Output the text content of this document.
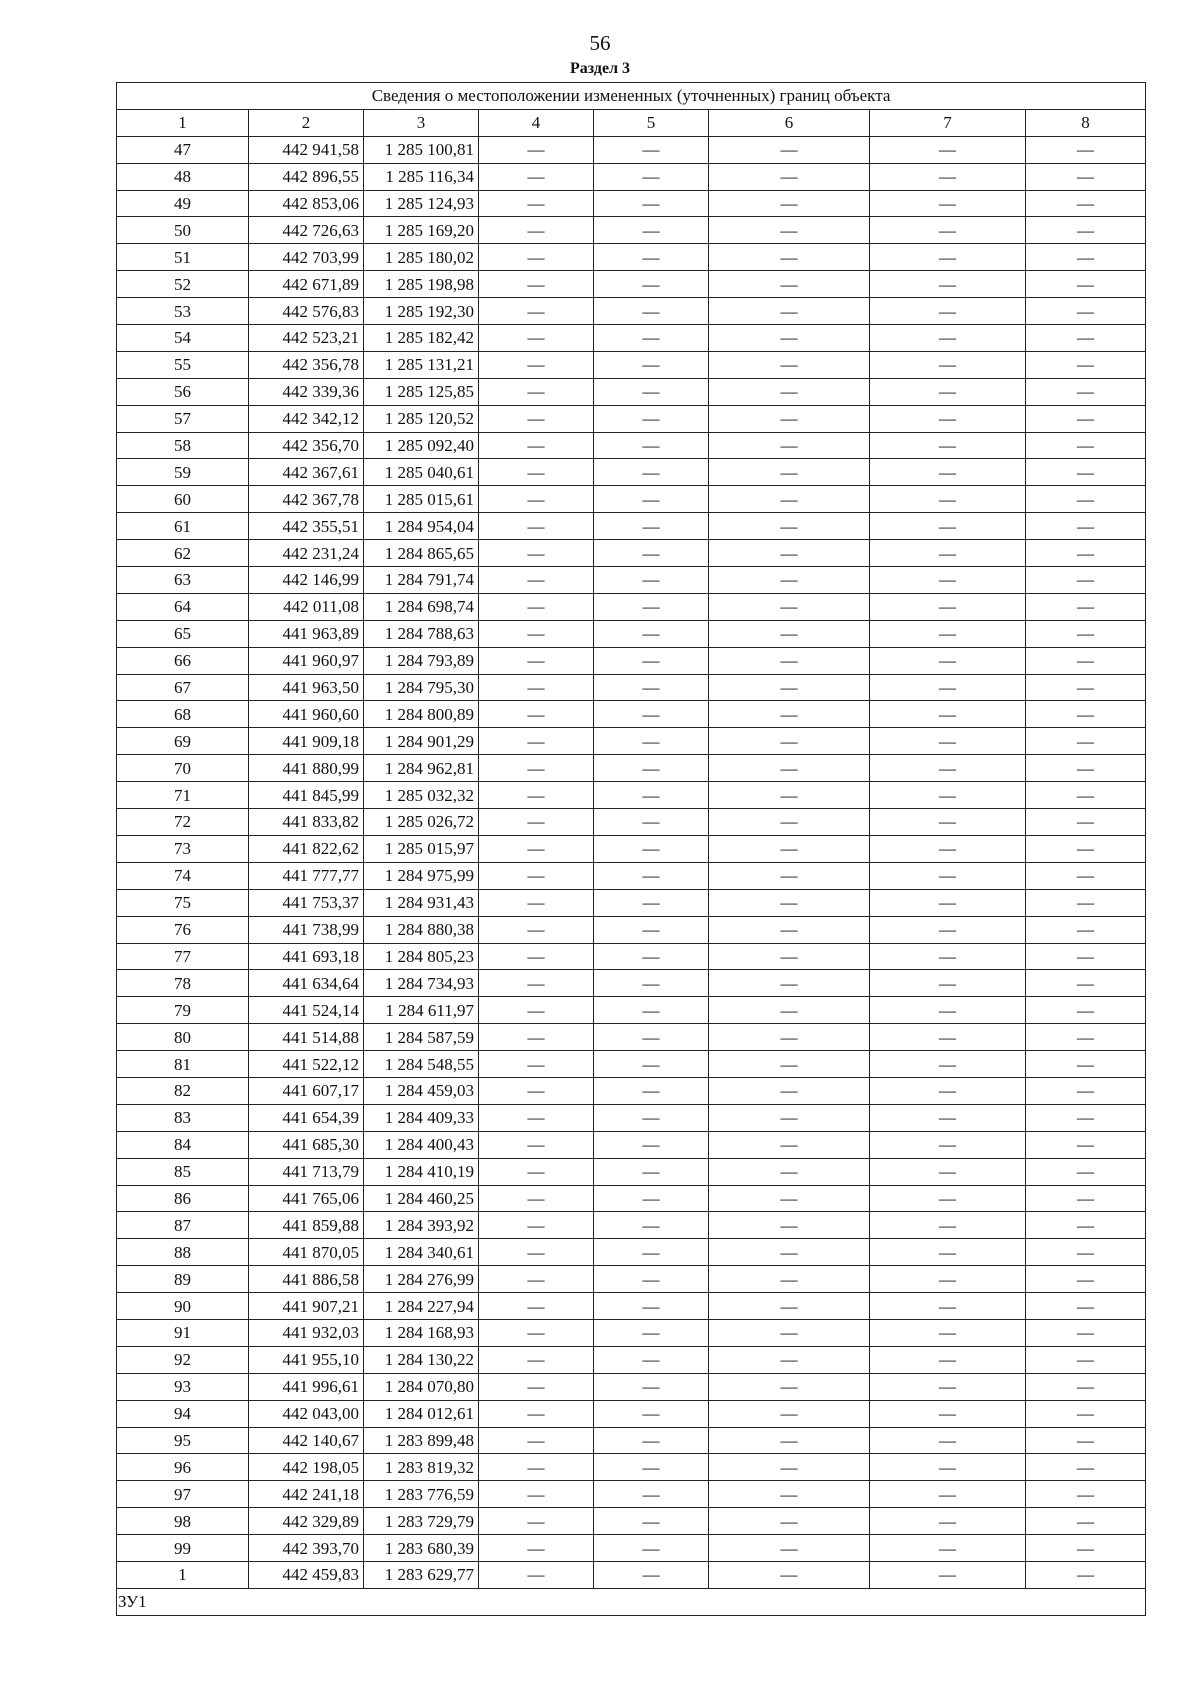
56
Раздел 3
Сведения о местоположении измененных (уточненных) границ объекта							
1	2	3	4	5	6	7	8
47	442 941,58	1 285 100,81	—	—	—	—	—
48	442 896,55	1 285 116,34	—	—	—	—	—
49	442 853,06	1 285 124,93	—	—	—	—	—
50	442 726,63	1 285 169,20	—	—	—	—	—
51	442 703,99	1 285 180,02	—	—	—	—	—
52	442 671,89	1 285 198,98	—	—	—	—	—
53	442 576,83	1 285 192,30	—	—	—	—	—
54	442 523,21	1 285 182,42	—	—	—	—	—
55	442 356,78	1 285 131,21	—	—	—	—	—
56	442 339,36	1 285 125,85	—	—	—	—	—
57	442 342,12	1 285 120,52	—	—	—	—	—
58	442 356,70	1 285 092,40	—	—	—	—	—
59	442 367,61	1 285 040,61	—	—	—	—	—
60	442 367,78	1 285 015,61	—	—	—	—	—
61	442 355,51	1 284 954,04	—	—	—	—	—
62	442 231,24	1 284 865,65	—	—	—	—	—
63	442 146,99	1 284 791,74	—	—	—	—	—
64	442 011,08	1 284 698,74	—	—	—	—	—
65	441 963,89	1 284 788,63	—	—	—	—	—
66	441 960,97	1 284 793,89	—	—	—	—	—
67	441 963,50	1 284 795,30	—	—	—	—	—
68	441 960,60	1 284 800,89	—	—	—	—	—
69	441 909,18	1 284 901,29	—	—	—	—	—
70	441 880,99	1 284 962,81	—	—	—	—	—
71	441 845,99	1 285 032,32	—	—	—	—	—
72	441 833,82	1 285 026,72	—	—	—	—	—
73	441 822,62	1 285 015,97	—	—	—	—	—
74	441 777,77	1 284 975,99	—	—	—	—	—
75	441 753,37	1 284 931,43	—	—	—	—	—
76	441 738,99	1 284 880,38	—	—	—	—	—
77	441 693,18	1 284 805,23	—	—	—	—	—
78	441 634,64	1 284 734,93	—	—	—	—	—
79	441 524,14	1 284 611,97	—	—	—	—	—
80	441 514,88	1 284 587,59	—	—	—	—	—
81	441 522,12	1 284 548,55	—	—	—	—	—
82	441 607,17	1 284 459,03	—	—	—	—	—
83	441 654,39	1 284 409,33	—	—	—	—	—
84	441 685,30	1 284 400,43	—	—	—	—	—
85	441 713,79	1 284 410,19	—	—	—	—	—
86	441 765,06	1 284 460,25	—	—	—	—	—
87	441 859,88	1 284 393,92	—	—	—	—	—
88	441 870,05	1 284 340,61	—	—	—	—	—
89	441 886,58	1 284 276,99	—	—	—	—	—
90	441 907,21	1 284 227,94	—	—	—	—	—
91	441 932,03	1 284 168,93	—	—	—	—	—
92	441 955,10	1 284 130,22	—	—	—	—	—
93	441 996,61	1 284 070,80	—	—	—	—	—
94	442 043,00	1 284 012,61	—	—	—	—	—
95	442 140,67	1 283 899,48	—	—	—	—	—
96	442 198,05	1 283 819,32	—	—	—	—	—
97	442 241,18	1 283 776,59	—	—	—	—	—
98	442 329,89	1 283 729,79	—	—	—	—	—
99	442 393,70	1 283 680,39	—	—	—	—	—
1	442 459,83	1 283 629,77	—	—	—	—	—
ЗУ1							
